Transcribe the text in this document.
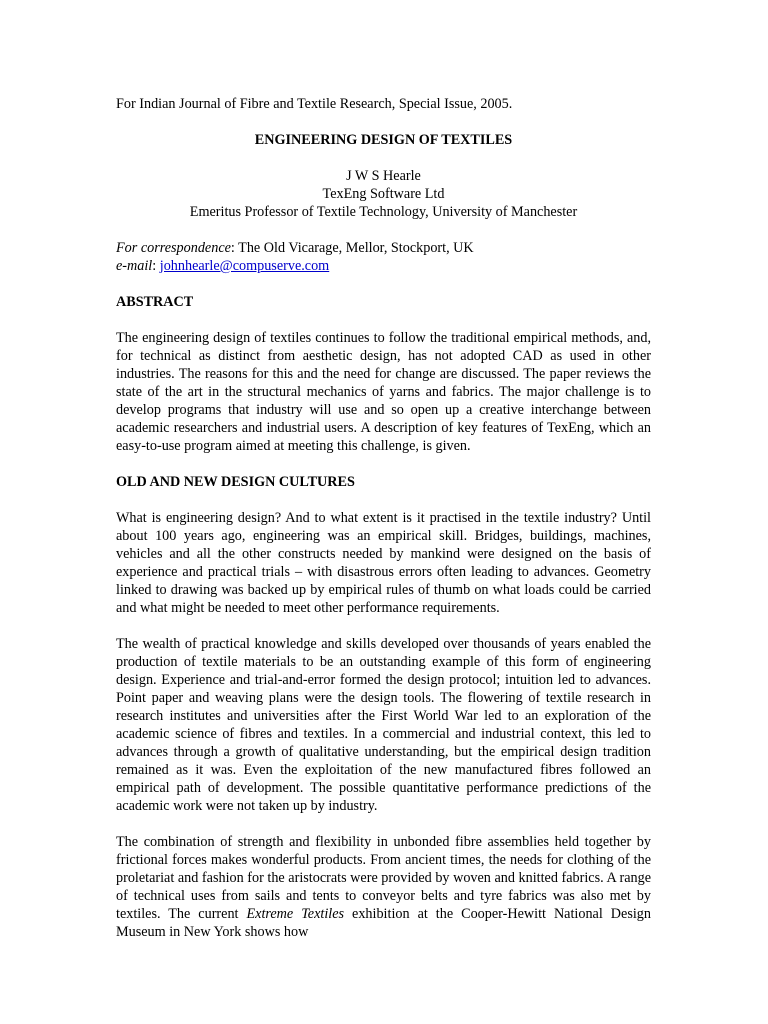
For Indian Journal of Fibre and Textile Research, Special Issue, 2005.
ENGINEERING DESIGN OF TEXTILES
J W S Hearle
TexEng Software Ltd
Emeritus Professor of Textile Technology, University of Manchester
For correspondence: The Old Vicarage, Mellor, Stockport, UK
e-mail: johnhearle@compuserve.com
ABSTRACT

The engineering design of textiles continues to follow the traditional empirical methods, and, for technical as distinct from aesthetic design, has not adopted CAD as used in other industries. The reasons for this and the need for change are discussed. The paper reviews the state of the art in the structural mechanics of yarns and fabrics. The major challenge is to develop programs that industry will use and so open up a creative interchange between academic researchers and industrial users. A description of key features of TexEng, which an easy-to-use program aimed at meeting this challenge, is given.

OLD AND NEW DESIGN CULTURES

What is engineering design? And to what extent is it practised in the textile industry? Until about 100 years ago, engineering was an empirical skill. Bridges, buildings, machines, vehicles and all the other constructs needed by mankind were designed on the basis of experience and practical trials – with disastrous errors often leading to advances. Geometry linked to drawing was backed up by empirical rules of thumb on what loads could be carried and what might be needed to meet other performance requirements.

The wealth of practical knowledge and skills developed over thousands of years enabled the production of textile materials to be an outstanding example of this form of engineering design. Experience and trial-and-error formed the design protocol; intuition led to advances. Point paper and weaving plans were the design tools. The flowering of textile research in research institutes and universities after the First World War led to an exploration of the academic science of fibres and textiles. In a commercial and industrial context, this led to advances through a growth of qualitative understanding, but the empirical design tradition remained as it was. Even the exploitation of the new manufactured fibres followed an empirical path of development. The possible quantitative performance predictions of the academic work were not taken up by industry.

The combination of strength and flexibility in unbonded fibre assemblies held together by frictional forces makes wonderful products. From ancient times, the needs for clothing of the proletariat and fashion for the aristocrats were provided by woven and knitted fabrics. A range of technical uses from sails and tents to conveyor belts and tyre fabrics was also met by textiles. The current Extreme Textiles exhibition at the Cooper-Hewitt National Design Museum in New York shows how
